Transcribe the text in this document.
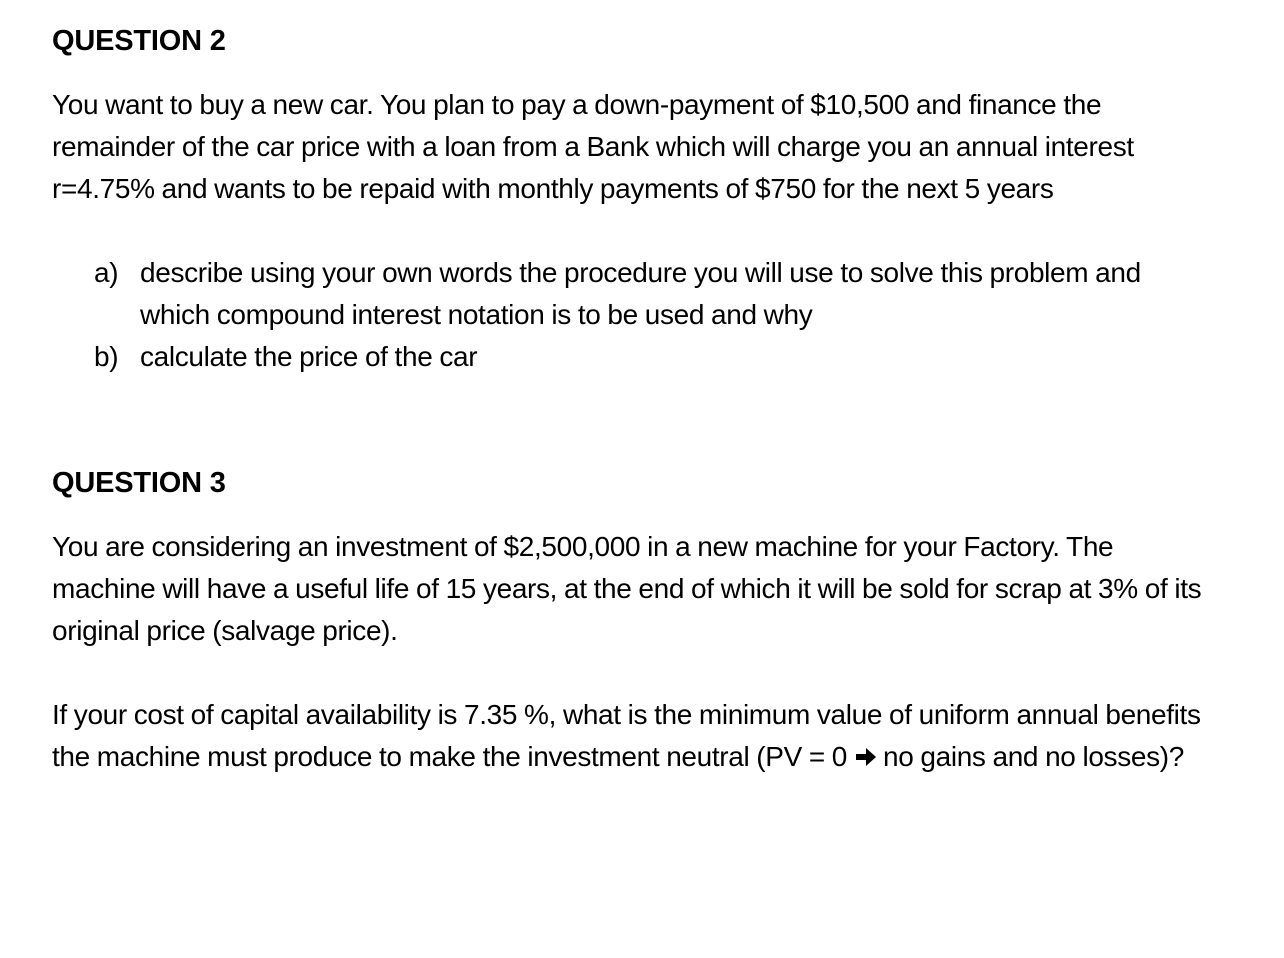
QUESTION 2
You want to buy a new car. You plan to pay a down-payment of $10,500 and finance the remainder of the car price with a loan from a Bank which will charge you an annual interest r=4.75% and wants to be repaid with monthly payments of $750 for the next 5 years
a) describe using your own words the procedure you will use to solve this problem and which compound interest notation is to be used and why
b) calculate the price of the car
QUESTION 3
You are considering an investment of $2,500,000 in a new machine for your Factory. The machine will have a useful life of 15 years, at the end of which it will be sold for scrap at 3% of its original price (salvage price).
If your cost of capital availability is 7.35 %, what is the minimum value of uniform annual benefits the machine must produce to make the investment neutral (PV = 0 no gains and no losses)?
